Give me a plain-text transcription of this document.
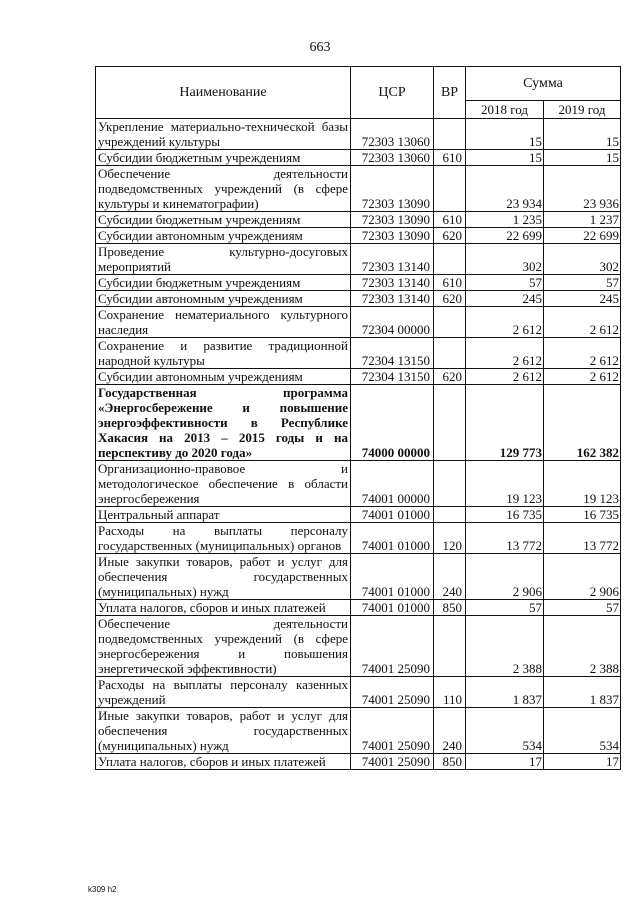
663
Наименование	ЦСР	ВР	Сумма	
			2018 год	2019 год
Укрепление материально-технической базы учреждений культуры	72303 13060		15	15
Субсидии бюджетным учреждениям	72303 13060	610	15	15
Обеспечение деятельности подведомственных учреждений (в сфере культуры и кинематографии)	72303 13090		23 934	23 936
Субсидии бюджетным учреждениям	72303 13090	610	1 235	1 237
Субсидии автономным учреждениям	72303 13090	620	22 699	22 699
Проведение культурно-досуговых мероприятий	72303 13140		302	302
Субсидии бюджетным учреждениям	72303 13140	610	57	57
Субсидии автономным учреждениям	72303 13140	620	245	245
Сохранение нематериального культурного наследия	72304 00000		2 612	2 612
Сохранение и развитие традиционной народной культуры	72304 13150		2 612	2 612
Субсидии автономным учреждениям	72304 13150	620	2 612	2 612
Государственная программа «Энергосбережение и повышение энергоэффективности в Республике Хакасия на 2013 – 2015 годы и на перспективу до 2020 года»	74000 00000		129 773	162 382
Организационно-правовое и методологическое обеспечение в области энергосбережения	74001 00000		19 123	19 123
Центральный аппарат	74001 01000		16 735	16 735
Расходы на выплаты персоналу государственных (муниципальных) органов	74001 01000	120	13 772	13 772
Иные закупки товаров, работ и услуг для обеспечения государственных (муниципальных) нужд	74001 01000	240	2 906	2 906
Уплата налогов, сборов и иных платежей	74001 01000	850	57	57
Обеспечение деятельности подведомственных учреждений (в сфере энергосбережения и повышения энергетической эффективности)	74001 25090		2 388	2 388
Расходы на выплаты персоналу казенных учреждений	74001 25090	110	1 837	1 837
Иные закупки товаров, работ и услуг для обеспечения государственных (муниципальных) нужд	74001 25090	240	534	534
Уплата налогов, сборов и иных платежей	74001 25090	850	17	17
k309 h2
